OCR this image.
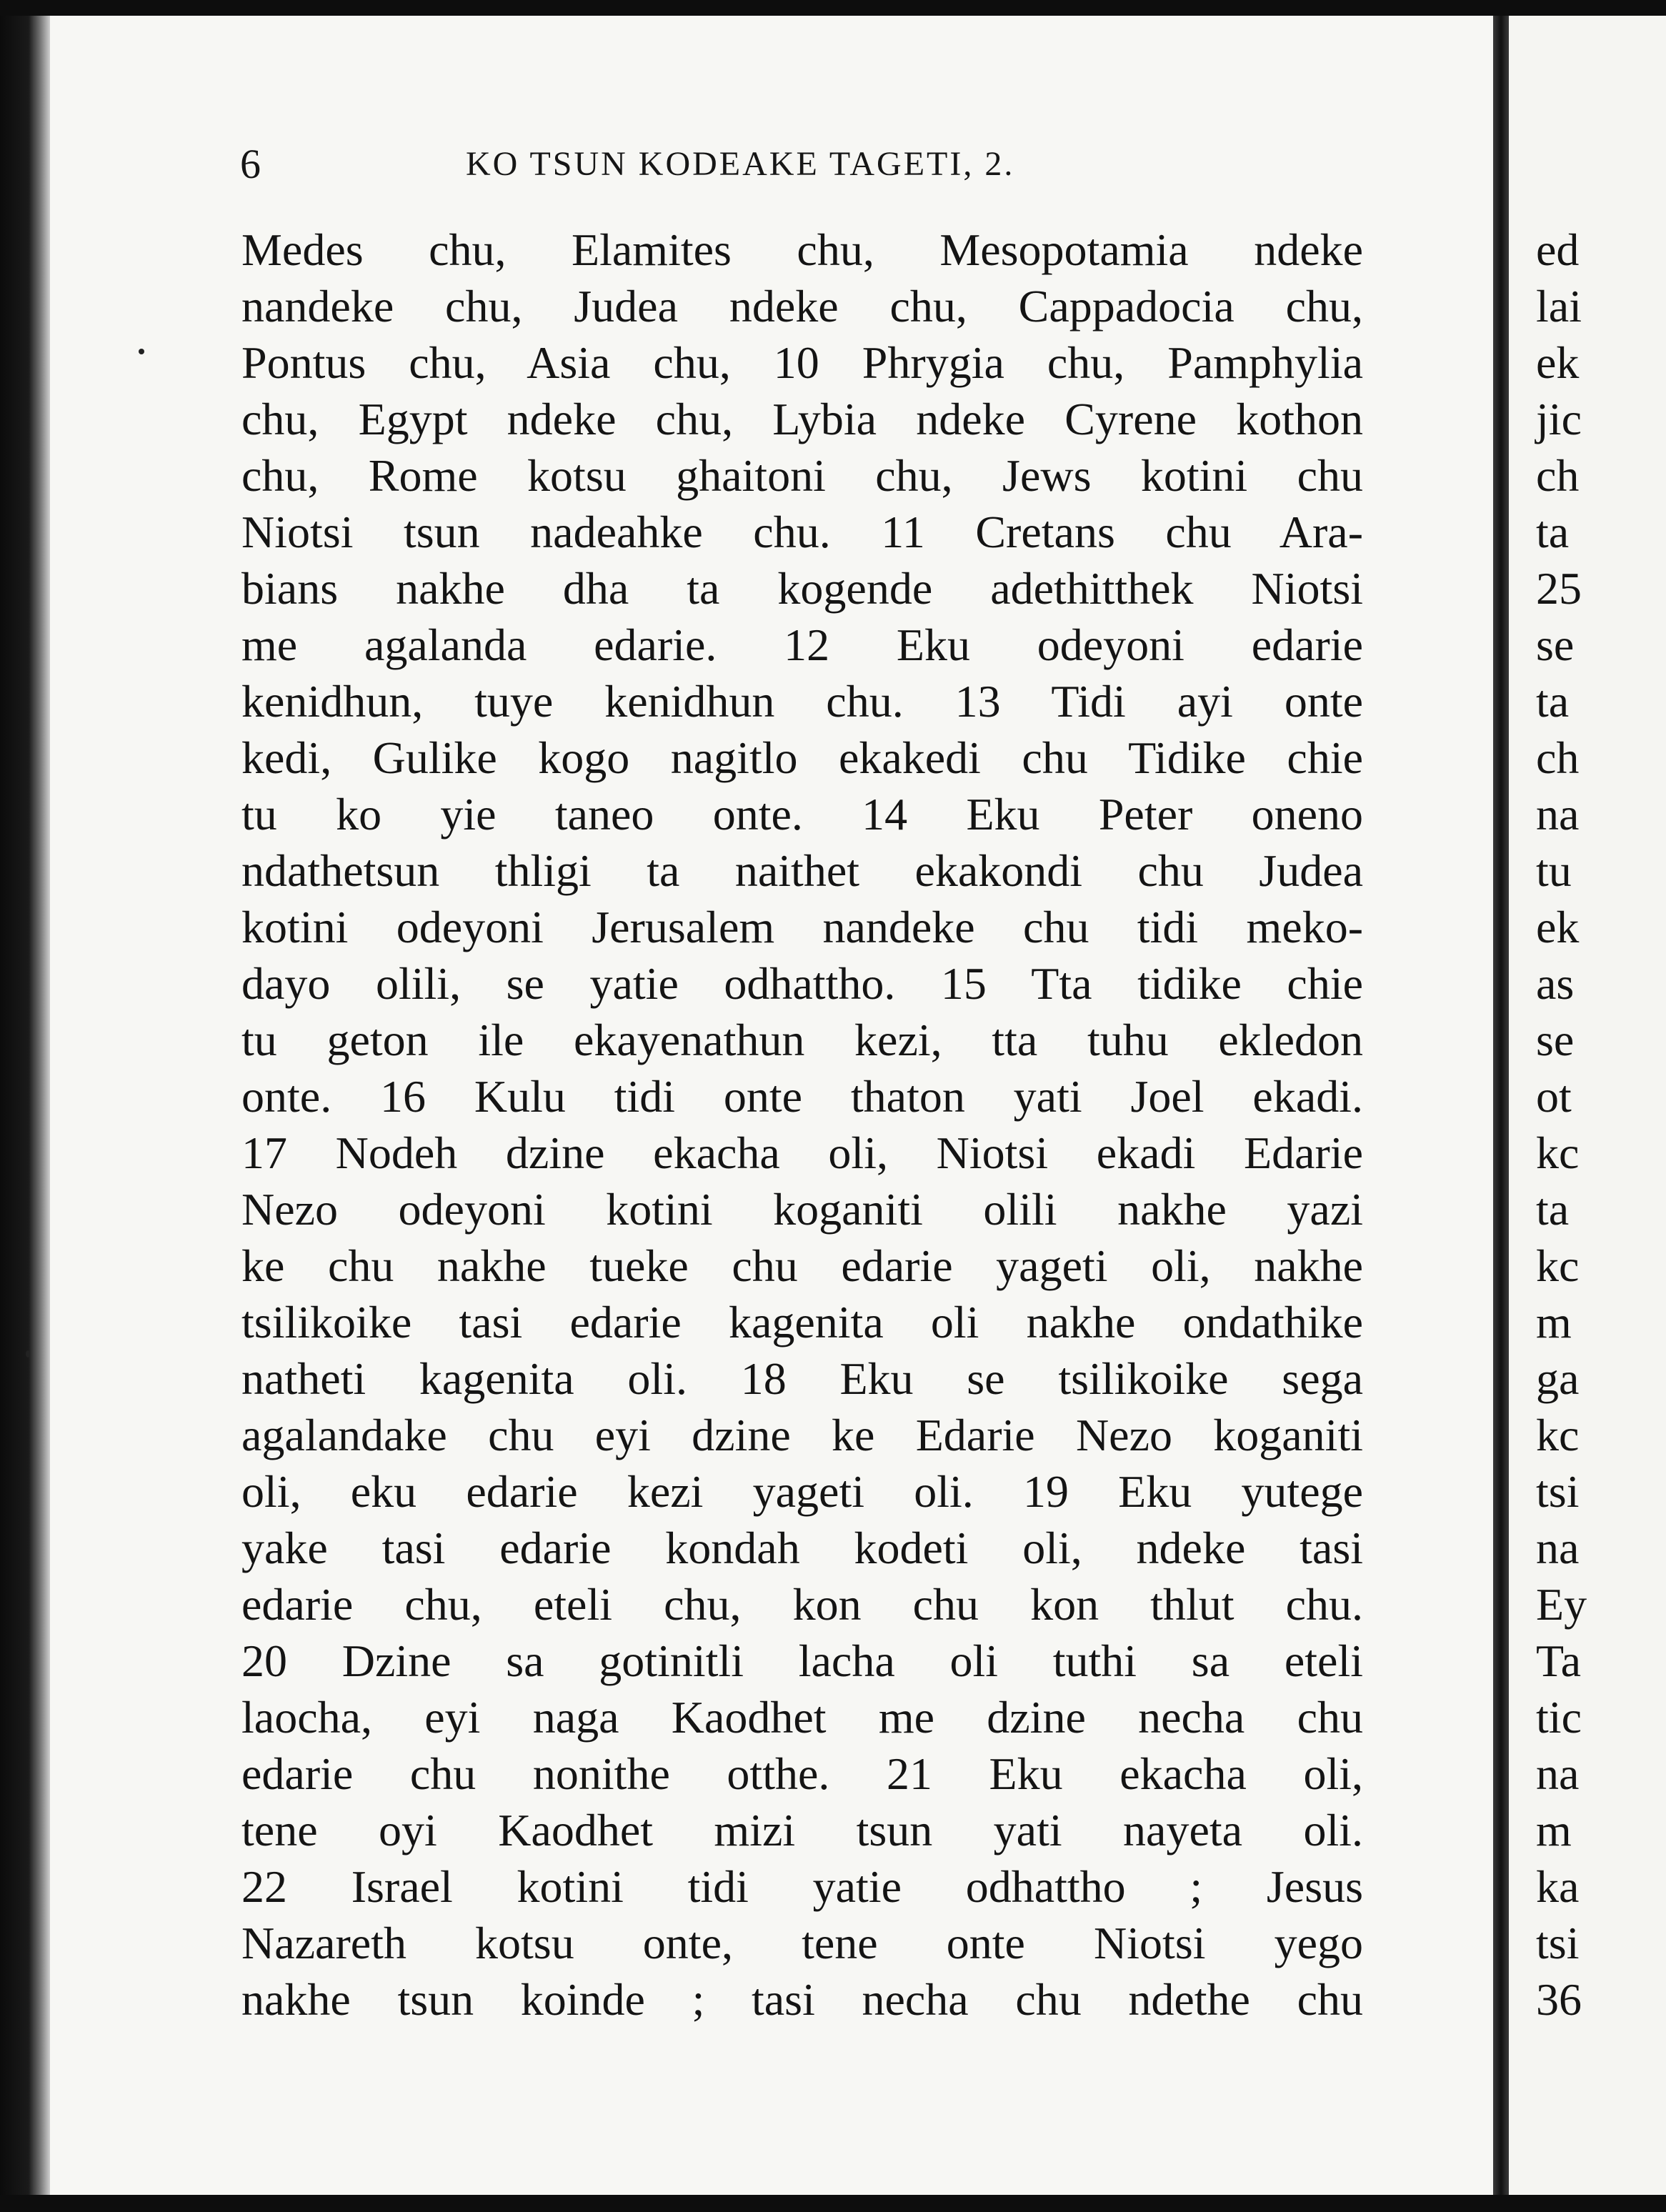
ed
lai
ek
jic
ch
ta
25
se
ta
ch
na
tu
ek
as
se
ot
kc
ta
kc
m
ga
kc
tsi
na
Ey
Ta
tic
na
m
ka
tsi
36
6	KO TSUN KODEAKE TAGETI, 2.
Medes chu, Elamites chu, Mesopotamia ndeke
nandeke chu, Judea ndeke chu, Cappadocia chu,
Pontus chu, Asia chu, 10 Phrygia chu, Pamphylia
chu, Egypt ndeke chu, Lybia ndeke Cyrene kothon
chu, Rome kotsu ghaitoni chu, Jews kotini chu
Niotsi tsun nadeahke chu. 11 Cretans chu Ara-
bians nakhe dha ta kogende adethitthek Niotsi
me agalanda edarie. 12 Eku odeyoni edarie
kenidhun, tuye kenidhun chu. 13 Tidi ayi onte
kedi, Gulike kogo nagitlo ekakedi chu Tidike chie
tu ko yie taneo onte. 14 Eku Peter oneno
ndathetsun thligi ta naithet ekakondi chu Judea
kotini odeyoni Jerusalem nandeke chu tidi meko-
dayo olili, se yatie odhattho. 15 Tta tidike chie
tu geton ile ekayenathun kezi, tta tuhu ekledon
onte. 16 Kulu tidi onte thaton yati Joel ekadi.
17 Nodeh dzine ekacha oli, Niotsi ekadi Edarie
Nezo odeyoni kotini koganiti olili nakhe yazi
ke chu nakhe tueke chu edarie yageti oli, nakhe
tsilikoike tasi edarie kagenita oli nakhe ondathike
natheti kagenita oli. 18 Eku se tsilikoike sega
agalandake chu eyi dzine ke Edarie Nezo koganiti
oli, eku edarie kezi yageti oli. 19 Eku yutege
yake tasi edarie kondah kodeti oli, ndeke tasi
edarie chu, eteli chu, kon chu kon thlut chu.
20 Dzine sa gotinitli lacha oli tuthi sa eteli
laocha, eyi naga Kaodhet me dzine necha chu
edarie chu nonithe otthe. 21 Eku ekacha oli,
tene oyi Kaodhet mizi tsun yati nayeta oli.
22 Israel kotini tidi yatie odhattho ; Jesus
Nazareth kotsu onte, tene onte Niotsi yego
nakhe tsun koinde ; tasi necha chu ndethe chu
